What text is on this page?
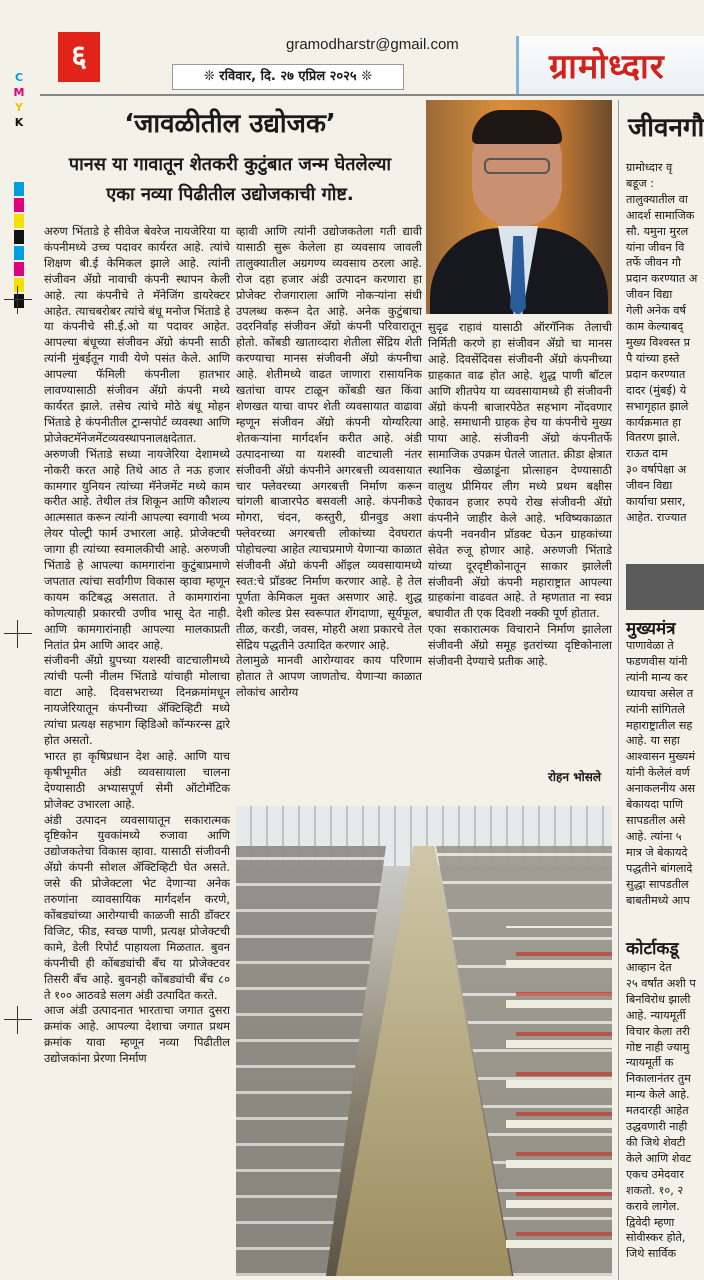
C
M
Y
K
६	gramodharstr@gmail.com
❊ रविवार, दि. २७ एप्रिल २०२५ ❊	ग्रामोध्दार
‘जावळीतील उद्योजक’
पानस या गावातून शेतकरी कुटुंबात जन्म घेतलेल्या
एका नव्या पिढीतील उद्योजकाची गोष्ट.

अरुण भिंताडे हे सीवेज बेवरेज नायजेरिया या कंपनीमध्ये उच्च पदावर कार्यरत आहे. त्यांचे शिक्षण बी.ई केमिकल झाले आहे. त्यांनी संजीवन ॲग्रो नावाची कंपनी स्थापन केली आहे. त्या कंपनीचे ते मॅनेजिंग डायरेक्टर आहेत. त्याचबरोबर त्यांचे बंधू मनोज भिंताडे हे या कंपनीचे सी.ई.ओ या पदावर आहेत. आपल्या बंधूच्या संजीवन ॲग्रो कंपनी साठी त्यांनी मुंबईतून गावी येणे पसंत केले. आणि आपल्या फॅमिली कंपनीला हातभार लावण्यासाठी संजीवन ॲग्रो कंपनी मध्ये कार्यरत झाले. तसेच त्यांचे मोठे बंधू मोहन भिंताडे हे कंपनीतील ट्रान्सपोर्ट व्यवस्था आणि प्रोजेक्टमॅनेजमेंटव्यवस्थापनालक्षदेतात.

अरुणजी भिंताडे सध्या नायजेरिया देशामध्ये नोकरी करत आहे तिथे आठ ते नऊ हजार कामगार युनियन त्यांच्या मॅनेजमेंट मध्ये काम करीत आहे. तेथील तंत्र शिकून आणि कौशल्य आत्मसात करून त्यांनी आपल्या स्वगावी भव्य लेयर पोल्ट्री फार्म उभारला आहे. प्रोजेक्टची जागा ही त्यांच्या स्वमालकीची आहे. अरुणजी भिंताडे हे आपल्या कामगारांना कुटुंबाप्रमाणे जपतात त्यांचा सर्वांगीण विकास व्हावा म्हणून कायम कटिबद्ध असतात. ते कामगारांना कोणत्याही प्रकारची उणीव भासू देत नाही. आणि कामगारांनाही आपल्या मालकाप्रती नितांत प्रेम आणि आदर आहे.

संजीवनी ॲग्रो ग्रुपच्या यशस्वी वाटचालीमध्ये त्यांची पत्नी नीलम भिंताडे यांचाही मोलाचा वाटा आहे. दिवसभराच्या दिनक्रमांमधून नायजेरियातून कंपनीच्या ॲक्टिव्हिटी मध्ये त्यांचा प्रत्यक्ष सहभाग व्हिडिओ कॉन्फरन्स द्वारे होत असतो.

भारत हा कृषिप्रधान देश आहे. आणि याच कृषीभूमीत अंडी व्यवसायाला चालना देण्यासाठी अभ्यासपूर्ण सेमी ऑटोमॅटिक प्रोजेक्ट उभारला आहे.

अंडी उत्पादन व्यवसायातून सकारात्मक दृष्टिकोन युवकांमध्ये रुजावा आणि उद्योजकतेचा विकास व्हावा. यासाठी संजीवनी ॲग्रो कंपनी सोशल ॲक्टिव्हिटी घेत असते. जसे की प्रोजेक्टला भेट देणाऱ्या अनेक तरुणांना व्यावसायिक मार्गदर्शन करणे, कोंबड्यांच्या आरोग्याची काळजी साठी डॉक्टर विजिट, फीड, स्वच्छ पाणी, प्रत्यक्ष प्रोजेक्टची कामे, डेली रिपोर्ट पाहायला मिळतात. बुवन कंपनीची ही कोंबड्यांची बँच या प्रोजेक्टवर तिसरी बँच आहे. बुवनही कोंबड्यांची बँच ८० ते १०० आठवडे सलग अंडी उत्पादित करते.

आज अंडी उत्पादनात भारताचा जगात दुसरा क्रमांक आहे. आपल्या देशाचा जगात प्रथम क्रमांक यावा म्हणून नव्या पिढीतील उद्योजकांना प्रेरणा निर्माण

व्हावी आणि त्यांनी उद्योजकतेला गती द्यावी यासाठी सुरू केलेला हा व्यवसाय जावली तालुक्यातील अग्रगण्य व्यवसाय ठरला आहे. रोज दहा हजार अंडी उत्पादन करणारा हा प्रोजेक्ट रोजगाराला आणि नोकऱ्यांना संधी उपलब्ध करून देत आहे. अनेक कुटुंबाचा उदरनिर्वाह संजीवन ॲग्रो कंपनी परिवारातून होतो. कोंबडी खाताव्दारा शेतीला सेंद्रिय शेती करण्याचा मानस संजीवनी ॲग्रो कंपनीचा आहे. शेतीमध्ये वाढत जाणारा रासायनिक खतांचा वापर टाळून कोंबडी खत किंवा शेणखत याचा वापर शेती व्यवसायात वाढावा म्हणून संजीवन ॲग्रो कंपनी योग्यरित्या शेतकऱ्यांना मार्गदर्शन करीत आहे. अंडी उत्पादनाच्या या यशस्वी वाटचाली नंतर संजीवनी ॲग्रो कंपनीने अगरबत्ती व्यवसायात चार फ्लेवरच्या अगरबत्ती निर्माण करून चांगली बाजारपेठ बसवली आहे. कंपनीकडे मोगरा, चंदन, कस्तुरी, ग्रीनवुड अशा फ्लेवरच्या अगरबत्ती लोकांच्या देवघरात पोहोचल्या आहेत त्याचप्रमाणे येणाऱ्या काळात संजीवनी ॲग्रो कंपनी ऑइल व्यवसायामध्ये स्वत:चे प्रॉडक्ट निर्माण करणार आहे. हे तेल पूर्णता केमिकल मुक्त असणार आहे. शुद्ध देशी कोल्ड प्रेस स्वरूपात शेंगदाणा, सूर्यफूल, तीळ, करडी, जवस, मोहरी अशा प्रकारचे तेल सेंद्रिय पद्धतीने उत्पादित करणार आहे.

तेलामुळे मानवी आरोग्यावर काय परिणाम होतात ते आपण जाणतोच. येणाऱ्या काळात लोकांच आरोग्य

सुदृढ राहावं यासाठी ऑरगॅनिक तेलाची निर्मिती करणे हा संजीवन ॲग्रो चा मानस आहे. दिवसेंदिवस संजीवनी ॲग्रो कंपनीच्या ग्राहकात वाढ होत आहे. शुद्ध पाणी बॉटल आणि शीतपेय या व्यवसायामध्ये ही संजीवनी ॲग्रो कंपनी बाजारपेठेत सहभाग नोंदवणार आहे. समाधानी ग्राहक हेच या कंपनीचे मुख्य पाया आहे. संजीवनी ॲग्रो कंपनीतर्फे सामाजिक उपक्रम घेतले जातात. क्रीडा क्षेत्रात स्थानिक खेळाडूंना प्रोत्साहन देण्यासाठी वालुथ प्रीमियर लीग मध्ये प्रथम बक्षीस ऐकावन हजार रुपये रोख संजीवनी ॲग्रो कंपनीने जाहीर केले आहे. भविष्यकाळात कंपनी नवनवीन प्रॉडक्ट घेऊन ग्राहकांच्या सेवेत रुजू होणार आहे. अरुणजी भिंताडे यांच्या दूरदृष्टीकोनातून साकार झालेली संजीवनी ॲग्रो कंपनी महाराष्ट्रात आपल्या ग्राहकांना वाढवत आहे. ते म्हणतात ना स्वप्न बघावीत ती एक दिवशी नक्की पूर्ण होतात.

एका सकारात्मक विचाराने निर्माण झालेला संजीवनी ॲग्रो समूह इतरांच्या दृष्टिकोनाला संजीवनी देण्याचे प्रतीक आहे.

रोहन भोसले
जीवनगौ
ग्रामोध्दार वृ
बडूज :
तालुक्यातील वा
आदर्श सामाजिक
सौ. यमुना मुरल
यांना जीवन वि
तर्फे जीवन गौ
प्रदान करण्यात अ
जीवन विद्या
गेली अनेक वर्ष
काम केल्याबद्
मुख्य विश्वस्त प्र
पै यांच्या हस्ते
प्रदान करण्यात
दादर (मुंबई) ये
सभागृहात झाले
कार्यक्रमात हा
वितरण झाले.
राऊत दाम
३० वर्षापेक्षा अ
जीवन विद्या
कार्याचा प्रसार,
आहेत. राज्यात
मुख्यमंत्र
पाणावेळा ते
फडणवीस यांनी
त्यांनी मान्य कर
ध्यायचा असेल त
त्यांनी सांगितले
महाराष्ट्रातील सह
आहे. या सहा
आश्वासन मुख्यमं
यांनी केलेलं वर्ण
अनाकलनीय अस
बेकायदा पाणि
सापडतील असे
आहे. त्यांना ५
मात्र जे बेकायदे
पद्धतीने बांगलादे
सुद्धा सापडतील
बाबतीमध्ये आप
कोर्टाकडू
आव्हान देत
२५ वर्षांत अशी प
बिनविरोध झाली
आहे. न्यायमूर्ती
विचार केला तरी
गोष्ट नाही ज्यामु
न्यायमूर्ती क
निकालानंतर तुम
मान्य केले आहे.
मतदारही आहेत
उद्धवणारी नाही
की जिथे शेवटी
केले आणि शेवट
एकच उमेदवार
शकतो. १०, २
करावे लागेल.
द्विवेदी म्हणा
सोवीस्कर होते,
जिथे सार्विक
